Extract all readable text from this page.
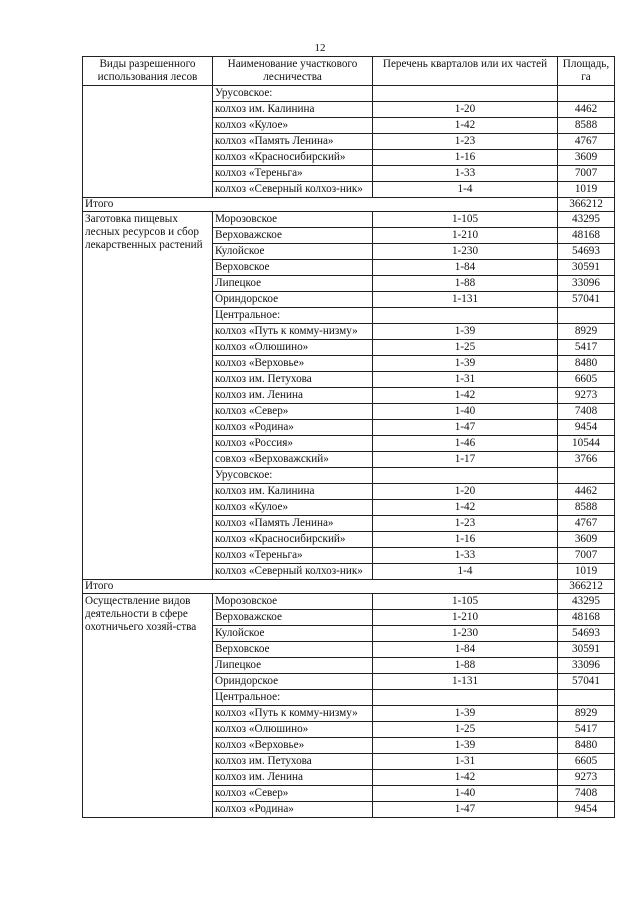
12
Виды разрешенного использования лесов	Наименование участкового лесничества	Перечень кварталов или их частей	Площадь, га
	Урусовское:		
	колхоз им. Калинина	1-20	4462
	колхоз «Кулое»	1-42	8588
	колхоз «Память Ленина»	1-23	4767
	колхоз «Красносибирский»	1-16	3609
	колхоз «Тереньга»	1-33	7007
	колхоз «Северный колхоз-ник»	1-4	1019
Итого			366212
Заготовка пищевых лесных ресурсов и сбор лекарственных растений	Морозовское	1-105	43295
	Верховажское	1-210	48168
	Кулойское	1-230	54693
	Верховское	1-84	30591
	Липецкое	1-88	33096
	Ориндорское	1-131	57041
	Центральное:		
	колхоз «Путь к комму-низму»	1-39	8929
	колхоз «Олюшино»	1-25	5417
	колхоз «Верховье»	1-39	8480
	колхоз им. Петухова	1-31	6605
	колхоз им. Ленина	1-42	9273
	колхоз «Север»	1-40	7408
	колхоз «Родина»	1-47	9454
	колхоз «Россия»	1-46	10544
	совхоз «Верховажский»	1-17	3766
	Урусовское:		
	колхоз им. Калинина	1-20	4462
	колхоз «Кулое»	1-42	8588
	колхоз «Память Ленина»	1-23	4767
	колхоз «Красносибирский»	1-16	3609
	колхоз «Тереньга»	1-33	7007
	колхоз «Северный колхоз-ник»	1-4	1019
Итого			366212
Осуществление видов деятельности в сфере охотничьего хозяй-ства	Морозовское	1-105	43295
	Верховажское	1-210	48168
	Кулойское	1-230	54693
	Верховское	1-84	30591
	Липецкое	1-88	33096
	Ориндорское	1-131	57041
	Центральное:		
	колхоз «Путь к комму-низму»	1-39	8929
	колхоз «Олюшино»	1-25	5417
	колхоз «Верховье»	1-39	8480
	колхоз им. Петухова	1-31	6605
	колхоз им. Ленина	1-42	9273
	колхоз «Север»	1-40	7408
	колхоз «Родина»	1-47	9454
